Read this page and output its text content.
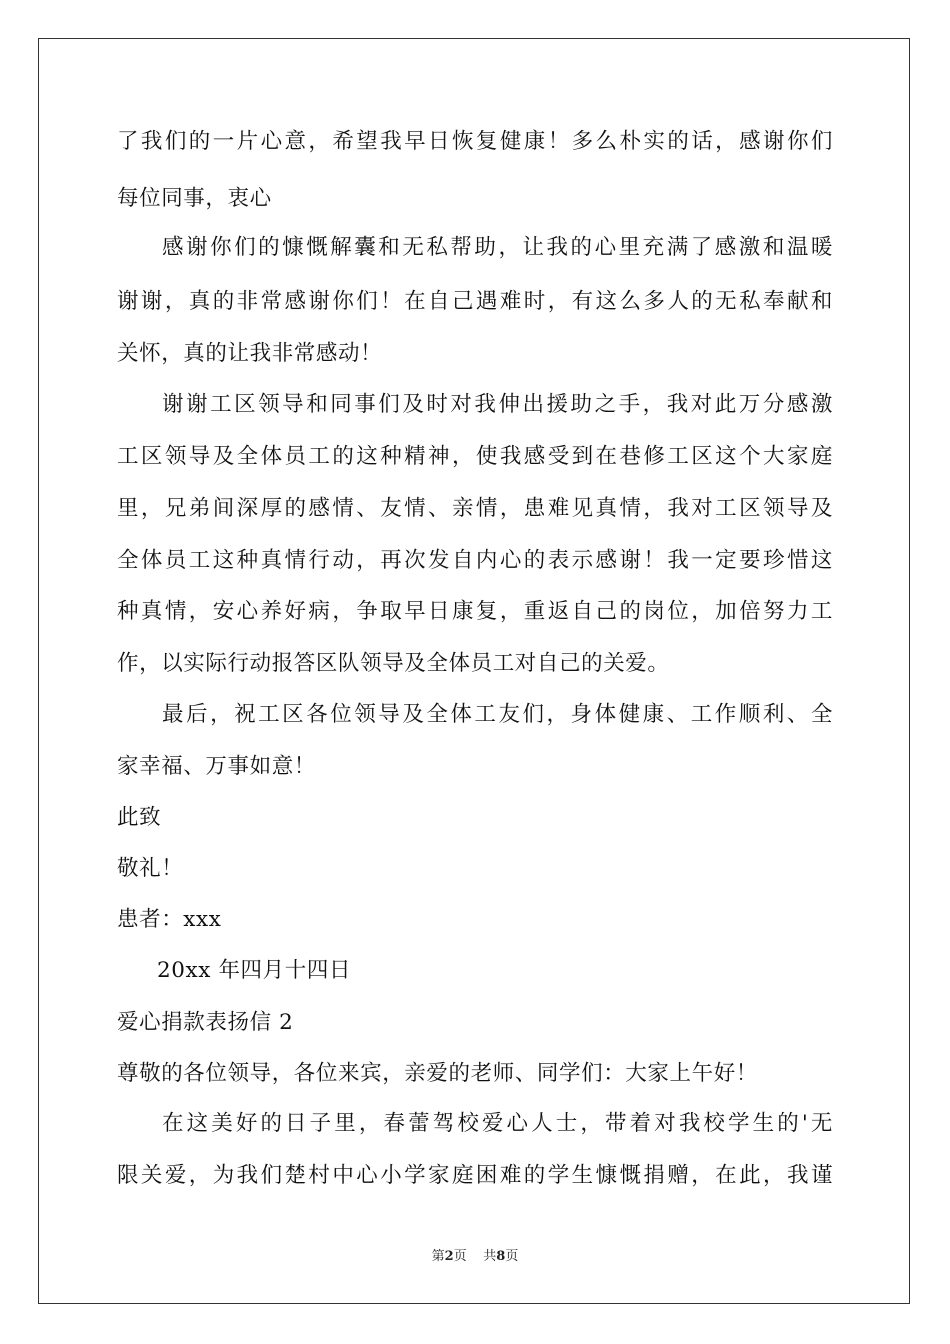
了我们的一片心意，希望我早日恢复健康！多么朴实的话，感谢你们
每位同事，衷心
感谢你们的慷慨解囊和无私帮助，让我的心里充满了感激和温暖
谢谢，真的非常感谢你们！在自己遇难时，有这么多人的无私奉献和
关怀，真的让我非常感动！
谢谢工区领导和同事们及时对我伸出援助之手，我对此万分感激
工区领导及全体员工的这种精神，使我感受到在巷修工区这个大家庭
里，兄弟间深厚的感情、友情、亲情，患难见真情，我对工区领导及
全体员工这种真情行动，再次发自内心的表示感谢！我一定要珍惜这
种真情，安心养好病，争取早日康复，重返自己的岗位，加倍努力工
作，以实际行动报答区队领导及全体员工对自己的关爱。
最后，祝工区各位领导及全体工友们，身体健康、工作顺利、全
家幸福、万事如意！
此致
敬礼！
患者：xxx
20xx 年四月十四日
爱心捐款表扬信 2
尊敬的各位领导，各位来宾，亲爱的老师、同学们：大家上午好！
在这美好的日子里，春蕾驾校爱心人士，带着对我校学生的'无
限关爱，为我们楚村中心小学家庭困难的学生慷慨捐赠，在此，我谨
第2页 共8页
